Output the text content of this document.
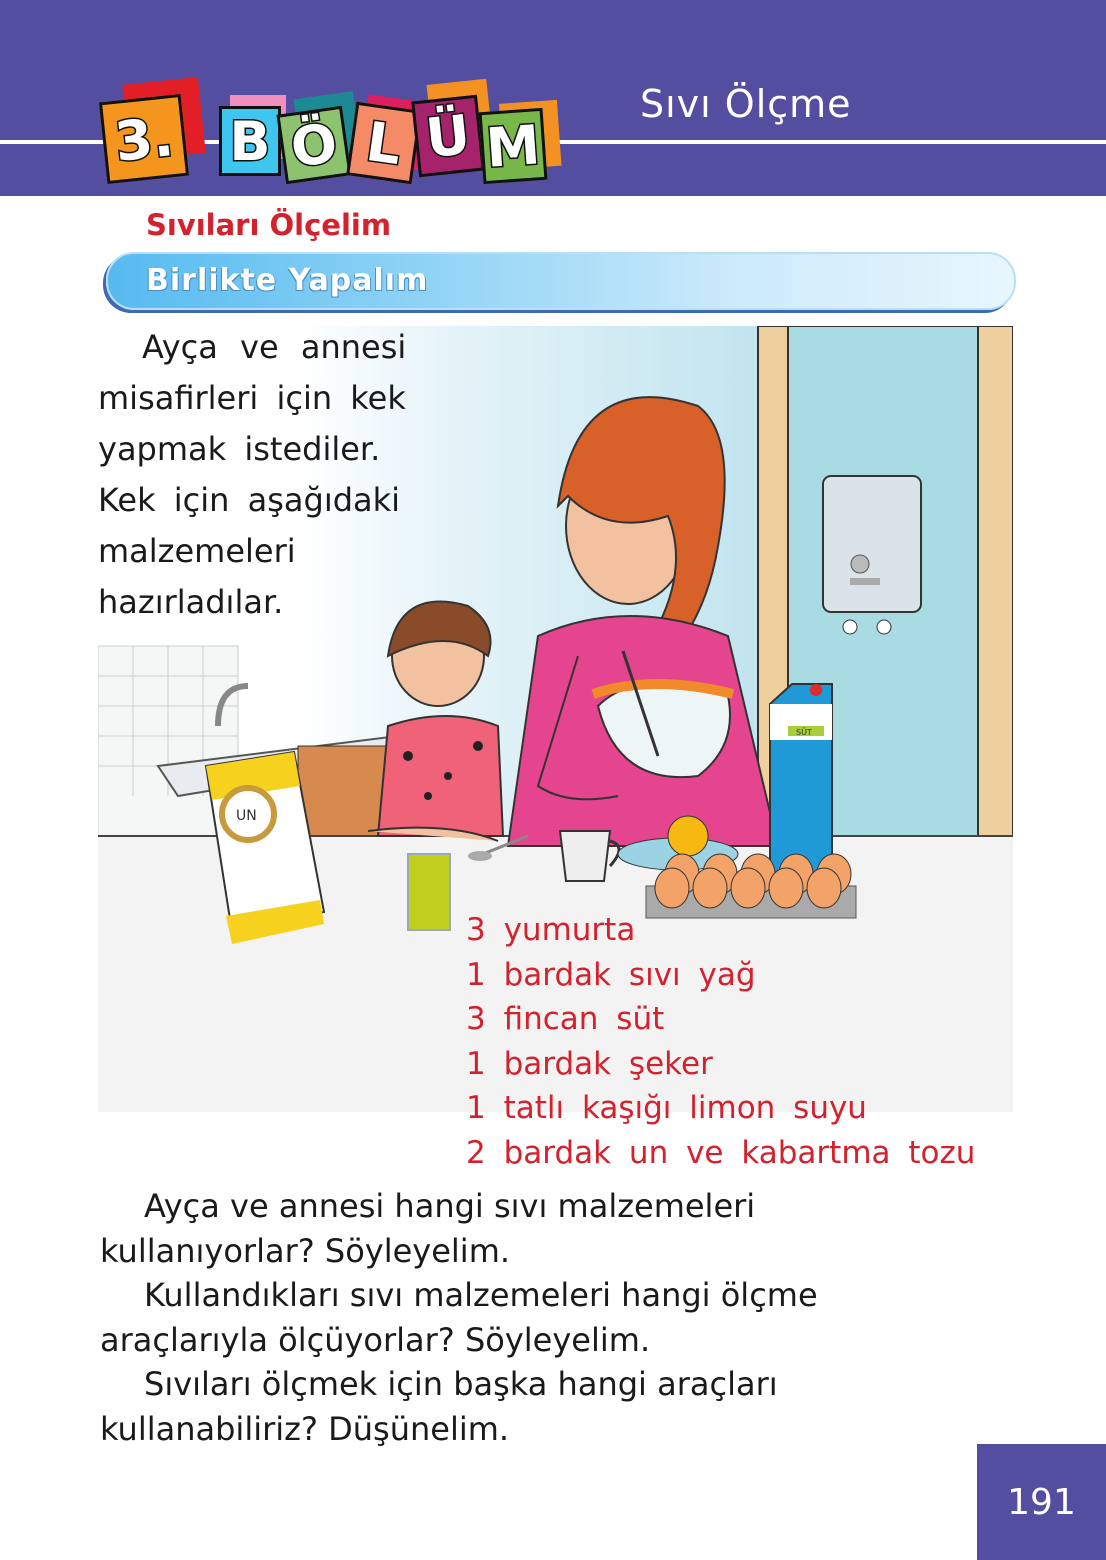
3. B Ö L Ü M
Sıvı Ölçme
Sıvıları Ölçelim
Birlikte Yapalım
UN
SÜT

Ayça ve annesi

misafirleri için kek

yapmak istediler.

Kek için aşağıdaki

malzemeleri

hazırladılar.

3 yumurta
1 bardak sıvı yağ
3 fincan süt
1 bardak şeker
1 tatlı kaşığı limon suyu
2 bardak un ve kabartma tozu

Ayça ve annesi hangi sıvı malzemeleri kullanıyorlar? Söyleyelim.

Kullandıkları sıvı malzemeleri hangi ölçme araçlarıyla ölçüyorlar? Söyleyelim.

Sıvıları ölçmek için başka hangi araçları kullanabiliriz? Düşünelim.

191
